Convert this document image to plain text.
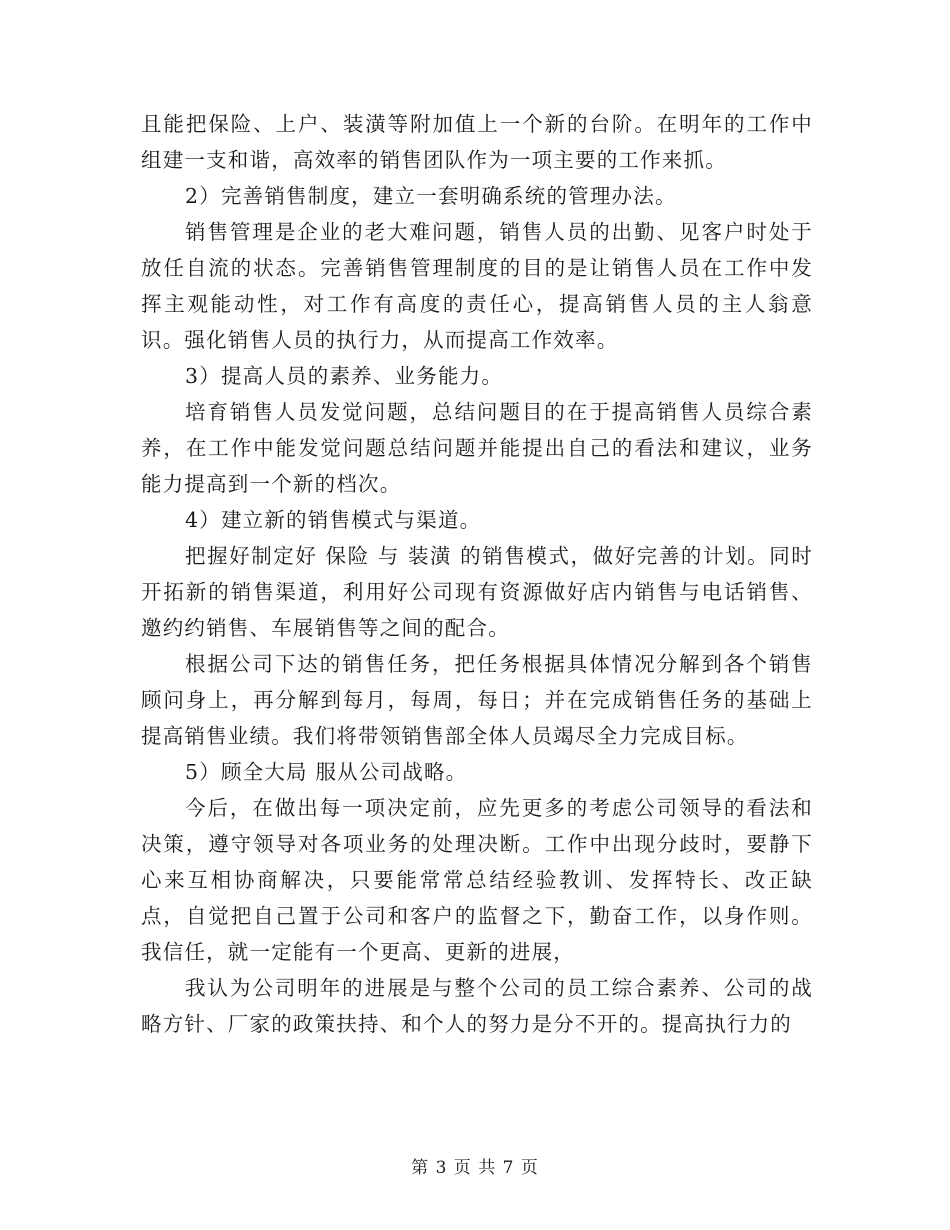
且能把保险、上户、装潢等附加值上一个新的台阶。在明年的工作中组建一支和谐，高效率的销售团队作为一项主要的工作来抓。

2）完善销售制度，建立一套明确系统的管理办法。

销售管理是企业的老大难问题，销售人员的出勤、见客户时处于放任自流的状态。完善销售管理制度的目的是让销售人员在工作中发挥主观能动性，对工作有高度的责任心，提高销售人员的主人翁意识。强化销售人员的执行力，从而提高工作效率。

3）提高人员的素养、业务能力。

培育销售人员发觉问题，总结问题目的在于提高销售人员综合素养，在工作中能发觉问题总结问题并能提出自己的看法和建议，业务能力提高到一个新的档次。

4）建立新的销售模式与渠道。

把握好制定好 保险 与 装潢 的销售模式，做好完善的计划。同时开拓新的销售渠道，利用好公司现有资源做好店内销售与电话销售、邀约约销售、车展销售等之间的配合。

根据公司下达的销售任务，把任务根据具体情况分解到各个销售顾问身上，再分解到每月，每周，每日；并在完成销售任务的基础上提高销售业绩。我们将带领销售部全体人员竭尽全力完成目标。

5）顾全大局 服从公司战略。

今后，在做出每一项决定前，应先更多的考虑公司领导的看法和决策，遵守领导对各项业务的处理决断。工作中出现分歧时，要静下心来互相协商解决，只要能常常总结经验教训、发挥特长、改正缺点，自觉把自己置于公司和客户的监督之下，勤奋工作，以身作则。我信任，就一定能有一个更高、更新的进展，

我认为公司明年的进展是与整个公司的员工综合素养、公司的战略方针、厂家的政策扶持、和个人的努力是分不开的。提高执行力的

第 3 页 共 7 页
